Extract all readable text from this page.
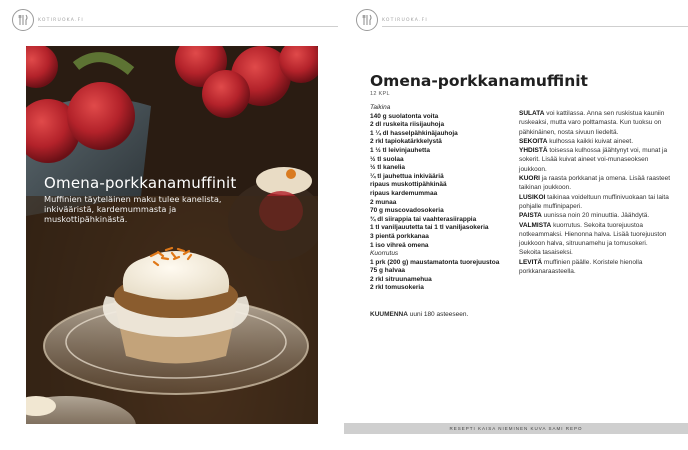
KOTIRUOKA.FI	KOTIRUOKA.FI
Omena-porkkanamuffinit
Muffinien täyteläinen maku tulee kanelista, inkivääristä, kardemummasta ja muskottipähkinästä.
Omena-porkkanamuffinit
12 KPL
Taikina
140 g suolatonta voita
2 dl ruskeita riisijauhoja
1 ¼ dl hasselpähkinäjauhoja
2 rkl tapiokatärkkelystä
1 ½ tl leivinjauhetta
½ tl suolaa
½ tl kanelia
¼ tl jauhettua inkivääriä
ripaus muskottipähkinää
ripaus kardemummaa
2 munaa
70 g muscovadosokeria
¾ dl siirappia tai vaahterasiirappia
1 tl vaniljauutetta tai 1 tl vaniljasokeria
3 pientä porkkanaa
1 iso vihreä omena
Kuorrutus
1 prk (200 g) maustamatonta tuorejuustoa
75 g halvaa
2 rkl sitruunamehua
2 rkl tomusokeria
KUUMENNA uuni 180 asteeseen.
SULATA voi kattilassa. Anna sen ruskistua kauniin ruskeaksi, mutta varo polttamasta. Kun tuoksu on pähkinäinen, nosta sivuun liedeltä.
SEKOITA kulhossa kaikki kuivat aineet.
YHDISTÄ toisessa kulhossa jäähtynyt voi, munat ja sokerit. Lisää kuivat aineet voi-munaseoksen joukkoon.
KUORI ja raasta porkkanat ja omena. Lisää raasteet taikinan joukkoon.
LUSIKOI taikinaa voideltuun muffinivuokaan tai laita pohjalle muffinipaperi.
PAISTA uunissa noin 20 minuuttia. Jäähdytä.
VALMISTA kuorrutus. Sekoita tuorejuustoa notkeammaksi. Hienonna halva. Lisää tuorejuuston joukkoon halva, sitruunamehu ja tomusokeri. Sekoita tasaiseksi.
LEVITÄ muffinien päälle. Koristele hienolla porkkanaraasteella.
RESEPTI KAISA NIEMINEN KUVA SAMI REPO
